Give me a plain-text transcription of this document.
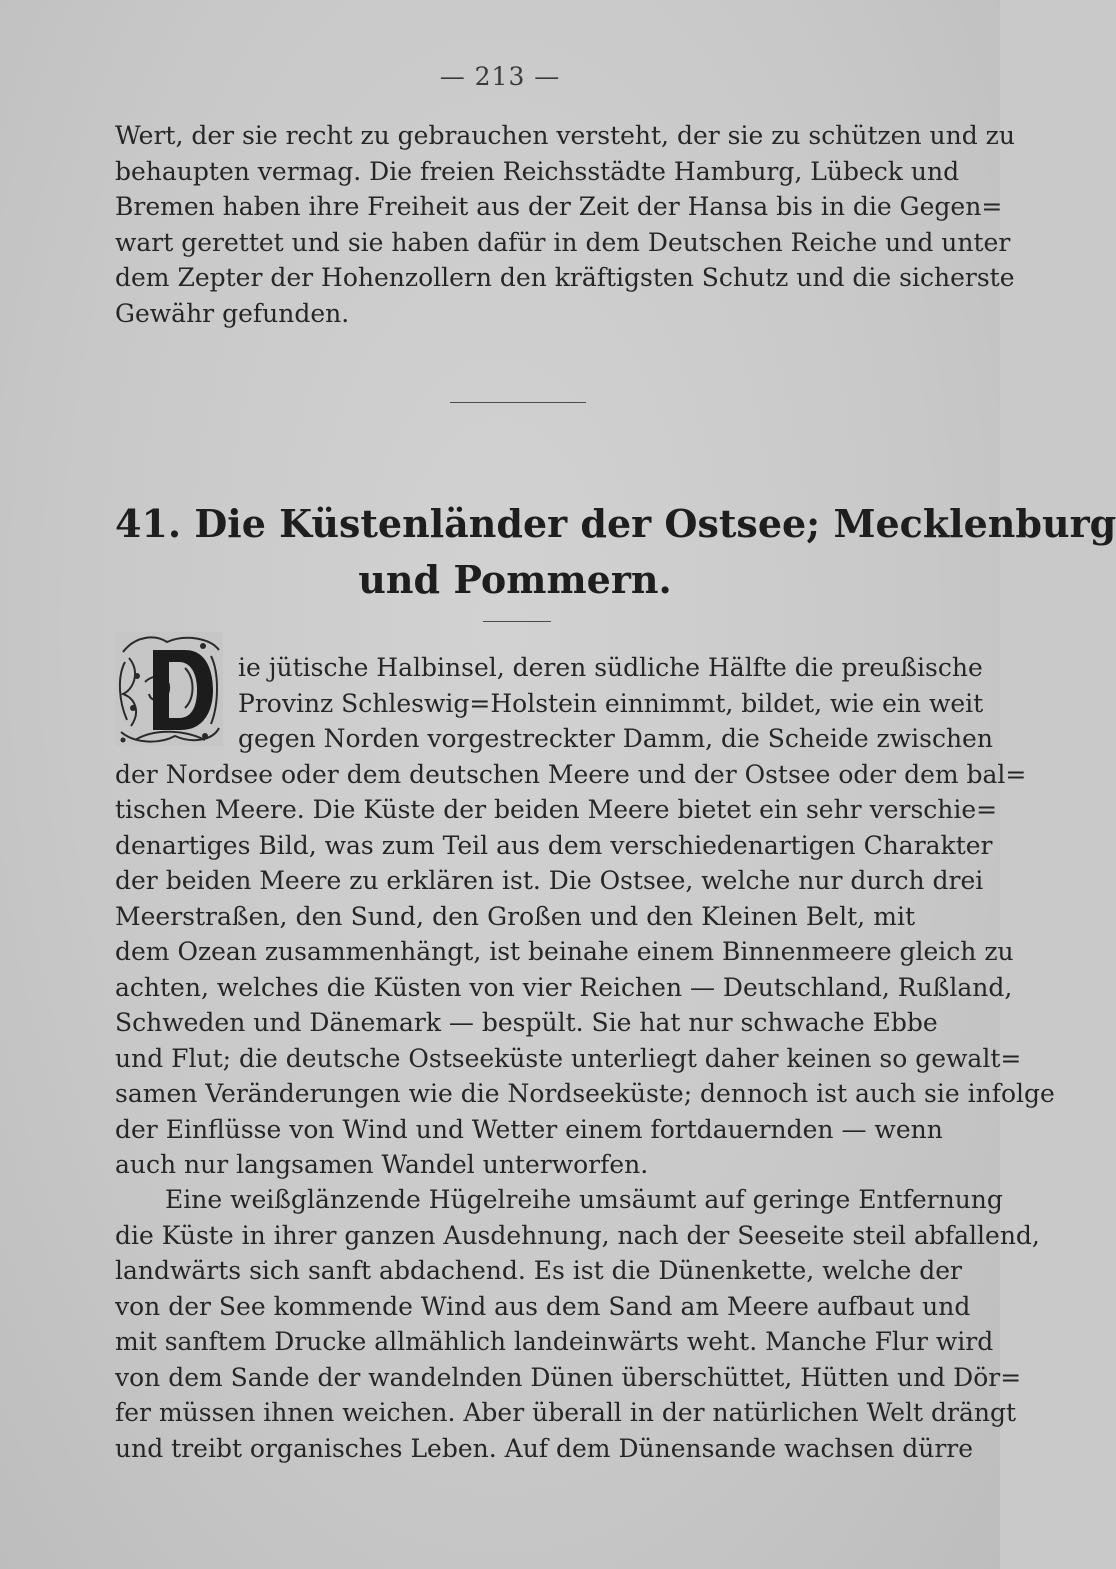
— 213 —
Wert, der sie recht zu gebrauchen versteht, der sie zu schützen und zu
behaupten vermag. Die freien Reichsstädte Hamburg, Lübeck und
Bremen haben ihre Freiheit aus der Zeit der Hansa bis in die Gegen=
wart gerettet und sie haben dafür in dem Deutschen Reiche und unter
dem Zepter der Hohenzollern den kräftigsten Schutz und die sicherste
Gewähr gefunden.
41. Die Küstenländer der Ostsee; Mecklenburg
und Pommern.
ie jütische Halbinsel, deren südliche Hälfte die preußische
Provinz Schleswig=Holstein einnimmt, bildet, wie ein weit
gegen Norden vorgestreckter Damm, die Scheide zwischen
der Nordsee oder dem deutschen Meere und der Ostsee oder dem bal=
tischen Meere. Die Küste der beiden Meere bietet ein sehr verschie=
denartiges Bild, was zum Teil aus dem verschiedenartigen Charakter
der beiden Meere zu erklären ist. Die Ostsee, welche nur durch drei
Meerstraßen, den Sund, den Großen und den Kleinen Belt, mit
dem Ozean zusammenhängt, ist beinahe einem Binnenmeere gleich zu
achten, welches die Küsten von vier Reichen — Deutschland, Rußland,
Schweden und Dänemark — bespült. Sie hat nur schwache Ebbe
und Flut; die deutsche Ostseeküste unterliegt daher keinen so gewalt=
samen Veränderungen wie die Nordseeküste; dennoch ist auch sie infolge
der Einflüsse von Wind und Wetter einem fortdauernden — wenn
auch nur langsamen Wandel unterworfen.
Eine weißglänzende Hügelreihe umsäumt auf geringe Entfernung
die Küste in ihrer ganzen Ausdehnung, nach der Seeseite steil abfallend,
landwärts sich sanft abdachend. Es ist die Dünenkette, welche der
von der See kommende Wind aus dem Sand am Meere aufbaut und
mit sanftem Drucke allmählich landeinwärts weht. Manche Flur wird
von dem Sande der wandelnden Dünen überschüttet, Hütten und Dör=
fer müssen ihnen weichen. Aber überall in der natürlichen Welt drängt
und treibt organisches Leben. Auf dem Dünensande wachsen dürre
